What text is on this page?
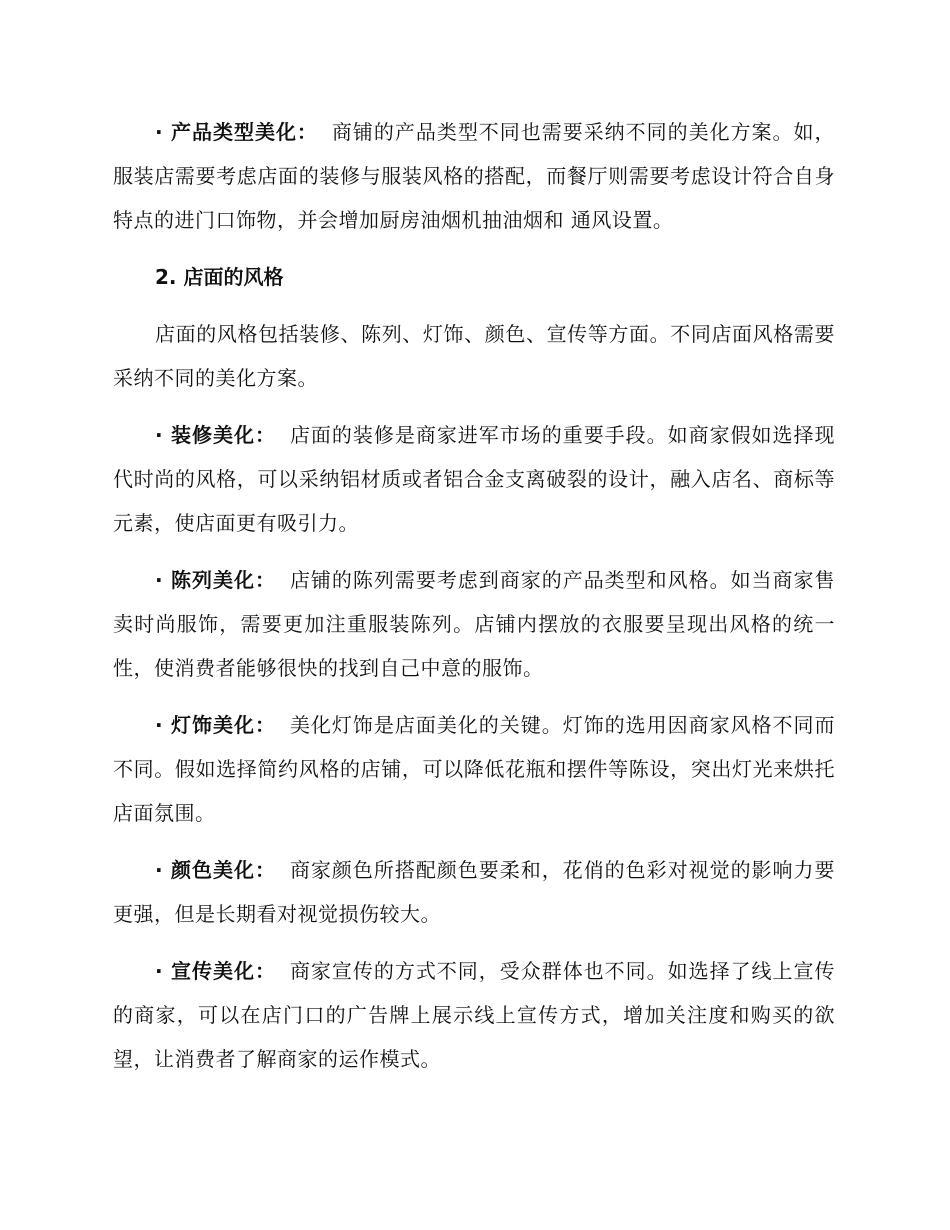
· 产品类型美化： 商铺的产品类型不同也需要采纳不同的美化方案。如，服装店需要考虑店面的装修与服装风格的搭配，而餐厅则需要考虑设计符合自身特点的进门口饰物，并会增加厨房油烟机抽油烟和 通风设置。

2. 店面的风格

店面的风格包括装修、陈列、灯饰、颜色、宣传等方面。不同店面风格需要采纳不同的美化方案。

· 装修美化： 店面的装修是商家进军市场的重要手段。如商家假如选择现代时尚的风格，可以采纳铝材质或者铝合金支离破裂的设计，融入店名、商标等元素，使店面更有吸引力。

· 陈列美化： 店铺的陈列需要考虑到商家的产品类型和风格。如当商家售卖时尚服饰，需要更加注重服装陈列。店铺内摆放的衣服要呈现出风格的统一性，使消费者能够很快的找到自己中意的服饰。

· 灯饰美化： 美化灯饰是店面美化的关键。灯饰的选用因商家风格不同而不同。假如选择简约风格的店铺，可以降低花瓶和摆件等陈设，突出灯光来烘托店面氛围。

· 颜色美化： 商家颜色所搭配颜色要柔和，花俏的色彩对视觉的影响力要更强，但是长期看对视觉损伤较大。

· 宣传美化： 商家宣传的方式不同，受众群体也不同。如选择了线上宣传的商家，可以在店门口的广告牌上展示线上宣传方式，增加关注度和购买的欲望，让消费者了解商家的运作模式。
